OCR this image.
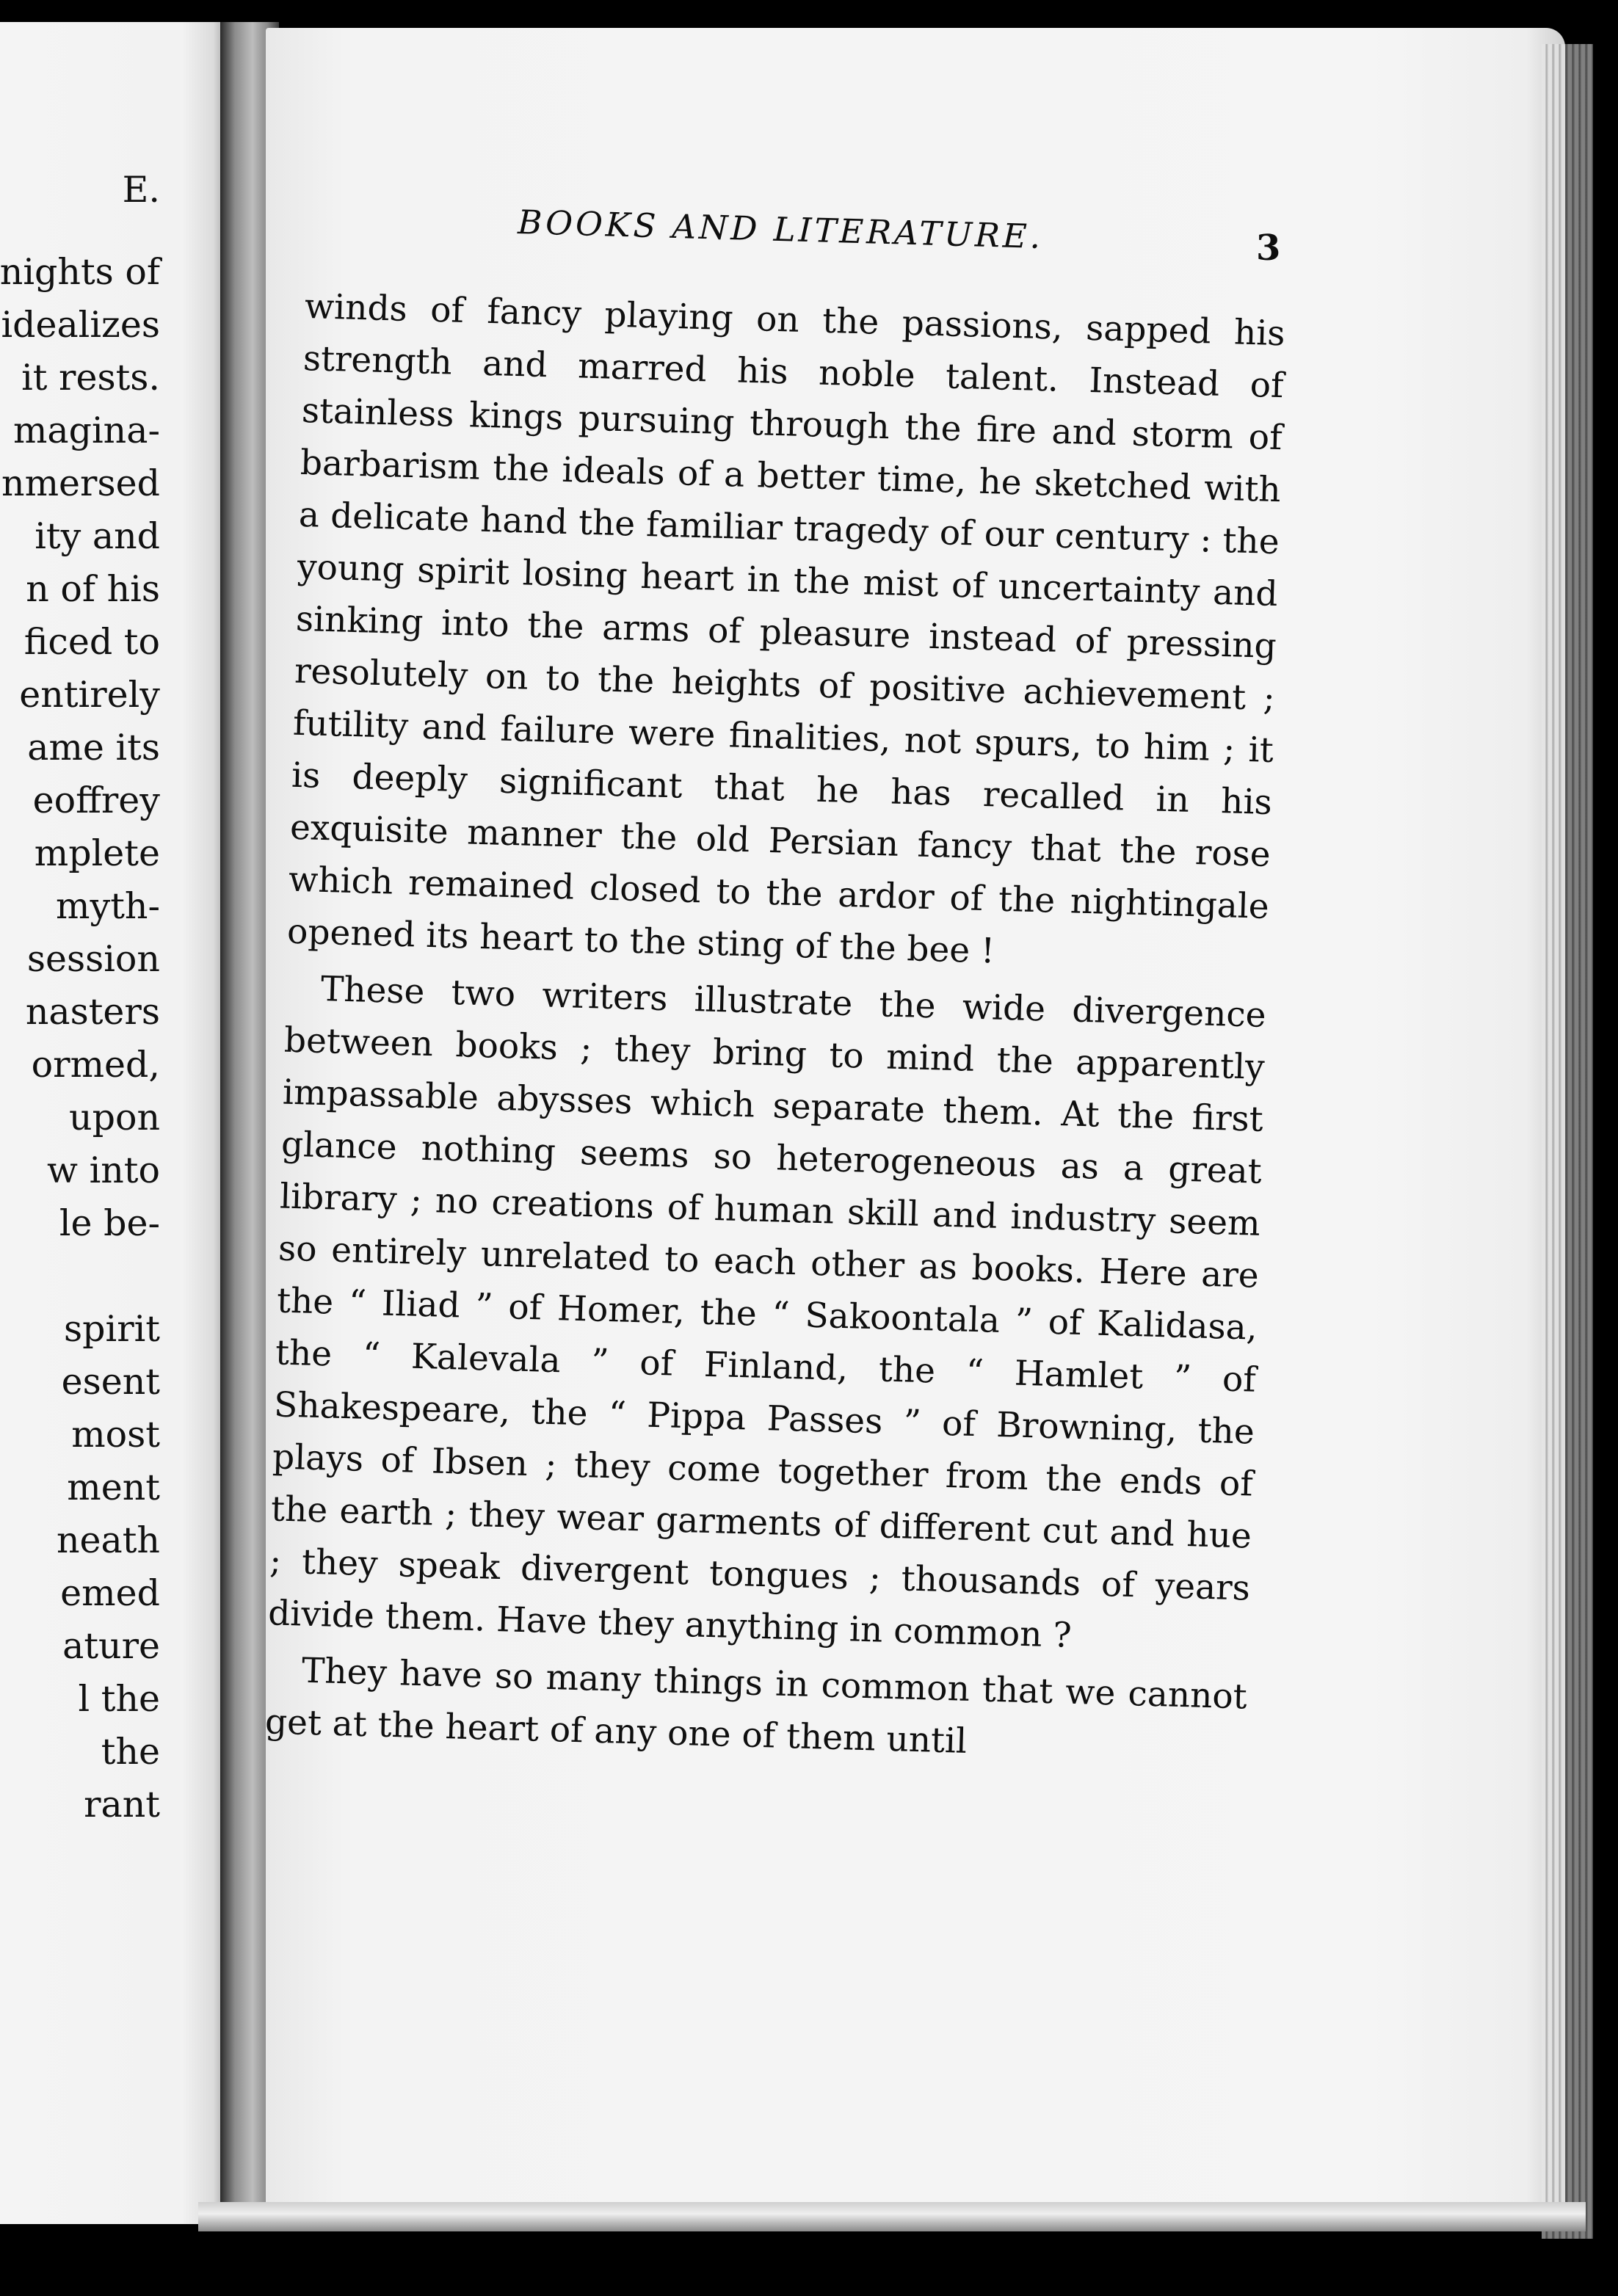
E.
nights of
idealizes
it rests.
magina-
nmersed
ity and
n of his
ficed to
entirely
ame its
eoffrey
mplete
myth-
session
nasters
ormed,
upon
w into
le be-
spirit
esent
most
ment
neath
emed
ature
l the
the
rant
BOOKS AND LITERATURE.	3

winds of fancy playing on the passions, sapped his strength and marred his noble talent. Instead of stainless kings pursuing through the fire and storm of barbarism the ideals of a better time, he sketched with a delicate hand the familiar tragedy of our century : the young spirit losing heart in the mist of uncertainty and sinking into the arms of pleasure instead of pressing resolutely on to the heights of positive achievement ; futility and failure were finalities, not spurs, to him ; it is deeply significant that he has recalled in his exquisite manner the old Persian fancy that the rose which remained closed to the ardor of the nightingale opened its heart to the sting of the bee !

These two writers illustrate the wide divergence between books ; they bring to mind the apparently impassable abysses which separate them. At the first glance nothing seems so heterogeneous as a great library ; no creations of human skill and industry seem so entirely unrelated to each other as books. Here are the “ Iliad ” of Homer, the “ Sakoontala ” of Kalidasa, the “ Kalevala ” of Finland, the “ Hamlet ” of Shakespeare, the “ Pippa Passes ” of Browning, the plays of Ibsen ; they come together from the ends of the earth ; they wear garments of different cut and hue ; they speak divergent tongues ; thousands of years divide them. Have they anything in common ?

They have so many things in common that we cannot get at the heart of any one of them until
